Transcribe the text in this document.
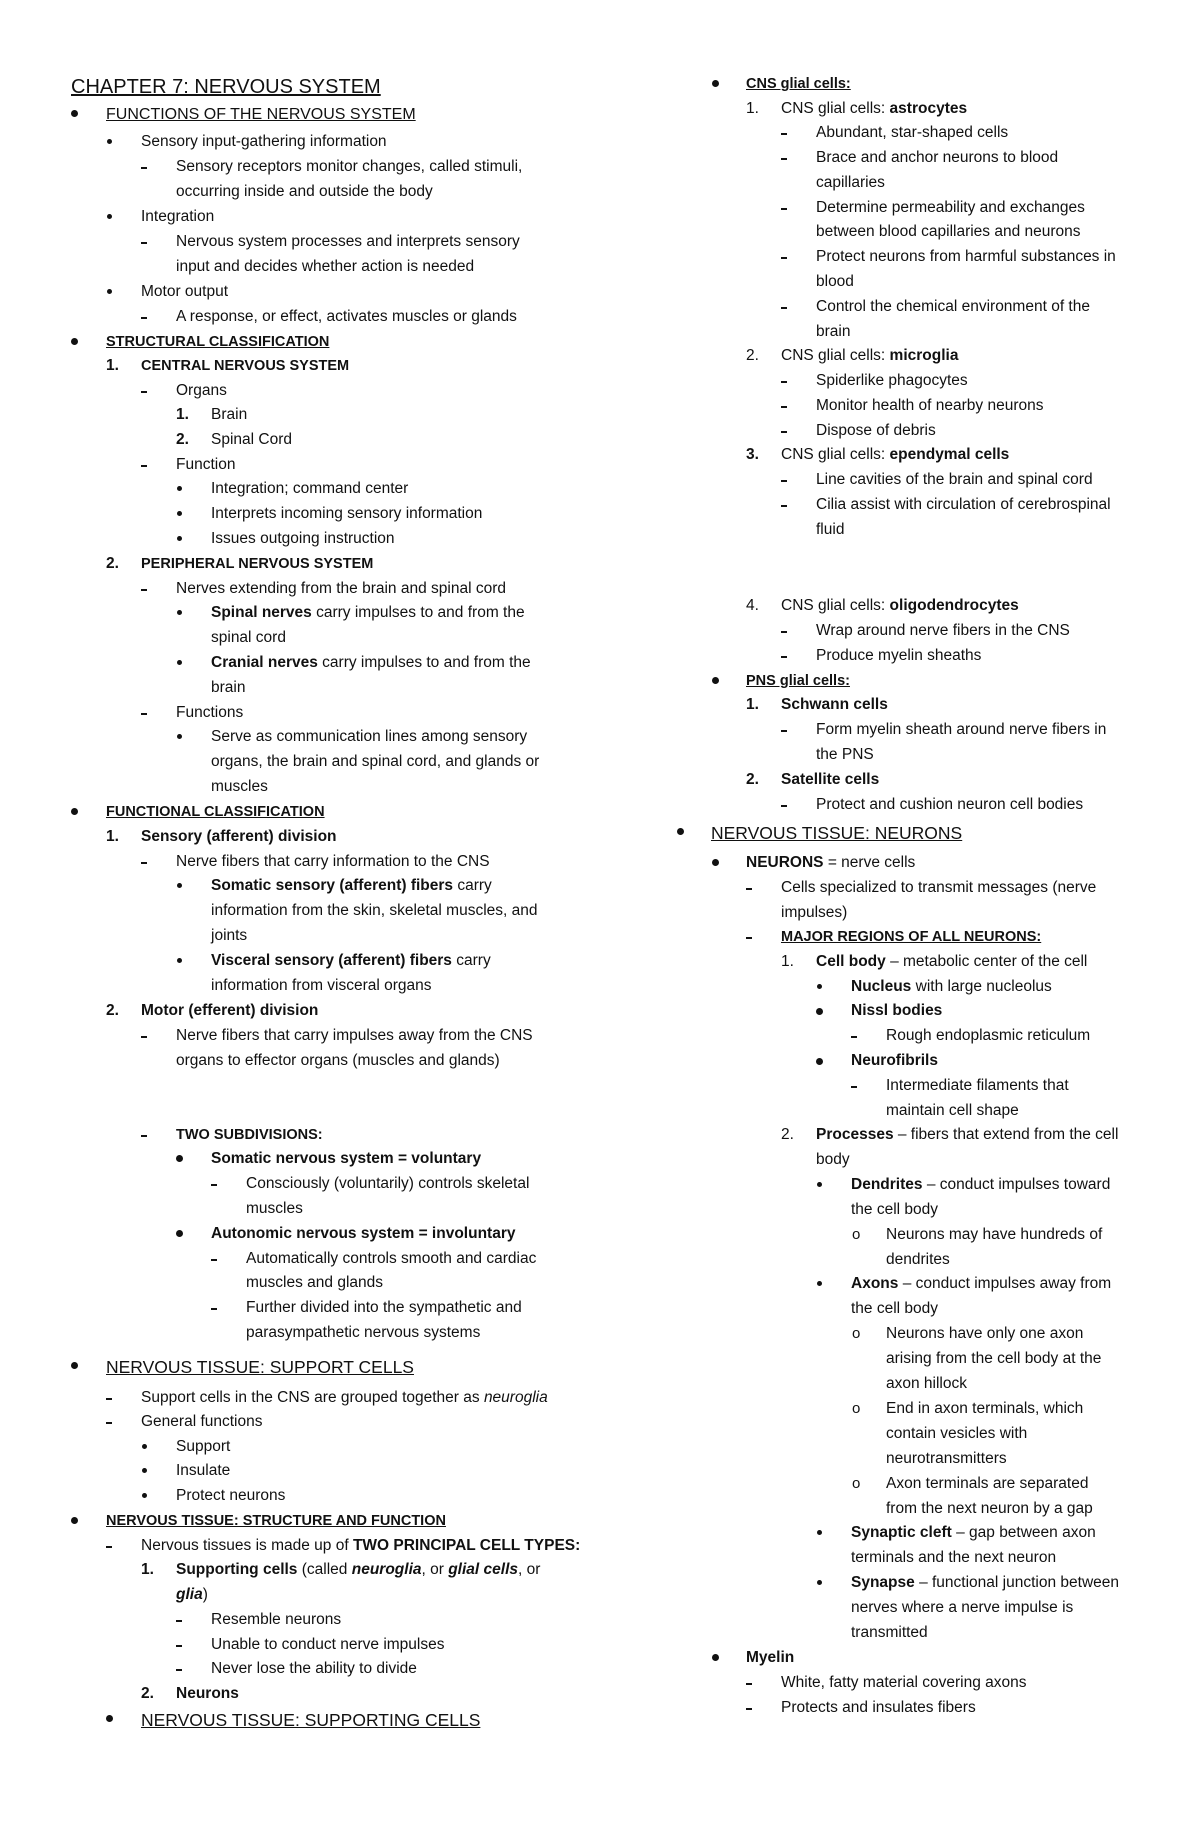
CHAPTER 7: NERVOUS SYSTEM
FUNCTIONS OF THE NERVOUS SYSTEM
Sensory input-gathering information
Sensory receptors monitor changes, called stimuli,
occurring inside and outside the body
Integration
Nervous system processes and interprets sensory
input and decides whether action is needed
Motor output
A response, or effect, activates muscles or glands
STRUCTURAL CLASSIFICATION
1. CENTRAL NERVOUS SYSTEM
Organs
1. Brain
2. Spinal Cord
Function
Integration; command center
Interprets incoming sensory information
Issues outgoing instruction
2. PERIPHERAL NERVOUS SYSTEM
Nerves extending from the brain and spinal cord
Spinal nerves carry impulses to and from the
spinal cord
Cranial nerves carry impulses to and from the
brain
Functions
Serve as communication lines among sensory
organs, the brain and spinal cord, and glands or
muscles
FUNCTIONAL CLASSIFICATION
1. Sensory (afferent) division
Nerve fibers that carry information to the CNS
Somatic sensory (afferent) fibers carry
information from the skin, skeletal muscles, and
joints
Visceral sensory (afferent) fibers carry
information from visceral organs
2. Motor (efferent) division
Nerve fibers that carry impulses away from the CNS
organs to effector organs (muscles and glands)
TWO SUBDIVISIONS:
Somatic nervous system = voluntary
Consciously (voluntarily) controls skeletal
muscles
Autonomic nervous system = involuntary
Automatically controls smooth and cardiac
muscles and glands
Further divided into the sympathetic and
parasympathetic nervous systems
NERVOUS TISSUE: SUPPORT CELLS
Support cells in the CNS are grouped together as neuroglia
General functions
Support
Insulate
Protect neurons
NERVOUS TISSUE: STRUCTURE AND FUNCTION
Nervous tissues is made up of TWO PRINCIPAL CELL TYPES:
1. Supporting cells (called neuroglia, or glial cells, or
glia)
Resemble neurons
Unable to conduct nerve impulses
Never lose the ability to divide
2. Neurons
NERVOUS TISSUE: SUPPORTING CELLS
CNS glial cells:
1. CNS glial cells: astrocytes
Abundant, star-shaped cells
Brace and anchor neurons to blood
capillaries
Determine permeability and exchanges
between blood capillaries and neurons
Protect neurons from harmful substances in
blood
Control the chemical environment of the
brain
2. CNS glial cells: microglia
Spiderlike phagocytes
Monitor health of nearby neurons
Dispose of debris
3. CNS glial cells: ependymal cells
Line cavities of the brain and spinal cord
Cilia assist with circulation of cerebrospinal
fluid
4. CNS glial cells: oligodendrocytes
Wrap around nerve fibers in the CNS
Produce myelin sheaths
PNS glial cells:
1. Schwann cells
Form myelin sheath around nerve fibers in
the PNS
2. Satellite cells
Protect and cushion neuron cell bodies
NERVOUS TISSUE: NEURONS
NEURONS = nerve cells
Cells specialized to transmit messages (nerve
impulses)
MAJOR REGIONS OF ALL NEURONS:
1. Cell body – metabolic center of the cell
Nucleus with large nucleolus
Nissl bodies
Rough endoplasmic reticulum
Neurofibrils
Intermediate filaments that
maintain cell shape
2. Processes – fibers that extend from the cell
body
Dendrites – conduct impulses toward
the cell body
o Neurons may have hundreds of
dendrites
Axons – conduct impulses away from
the cell body
o Neurons have only one axon
arising from the cell body at the
axon hillock
o End in axon terminals, which
contain vesicles with
neurotransmitters
o Axon terminals are separated
from the next neuron by a gap
Synaptic cleft – gap between axon
terminals and the next neuron
Synapse – functional junction between
nerves where a nerve impulse is
transmitted
Myelin
White, fatty material covering axons
Protects and insulates fibers
